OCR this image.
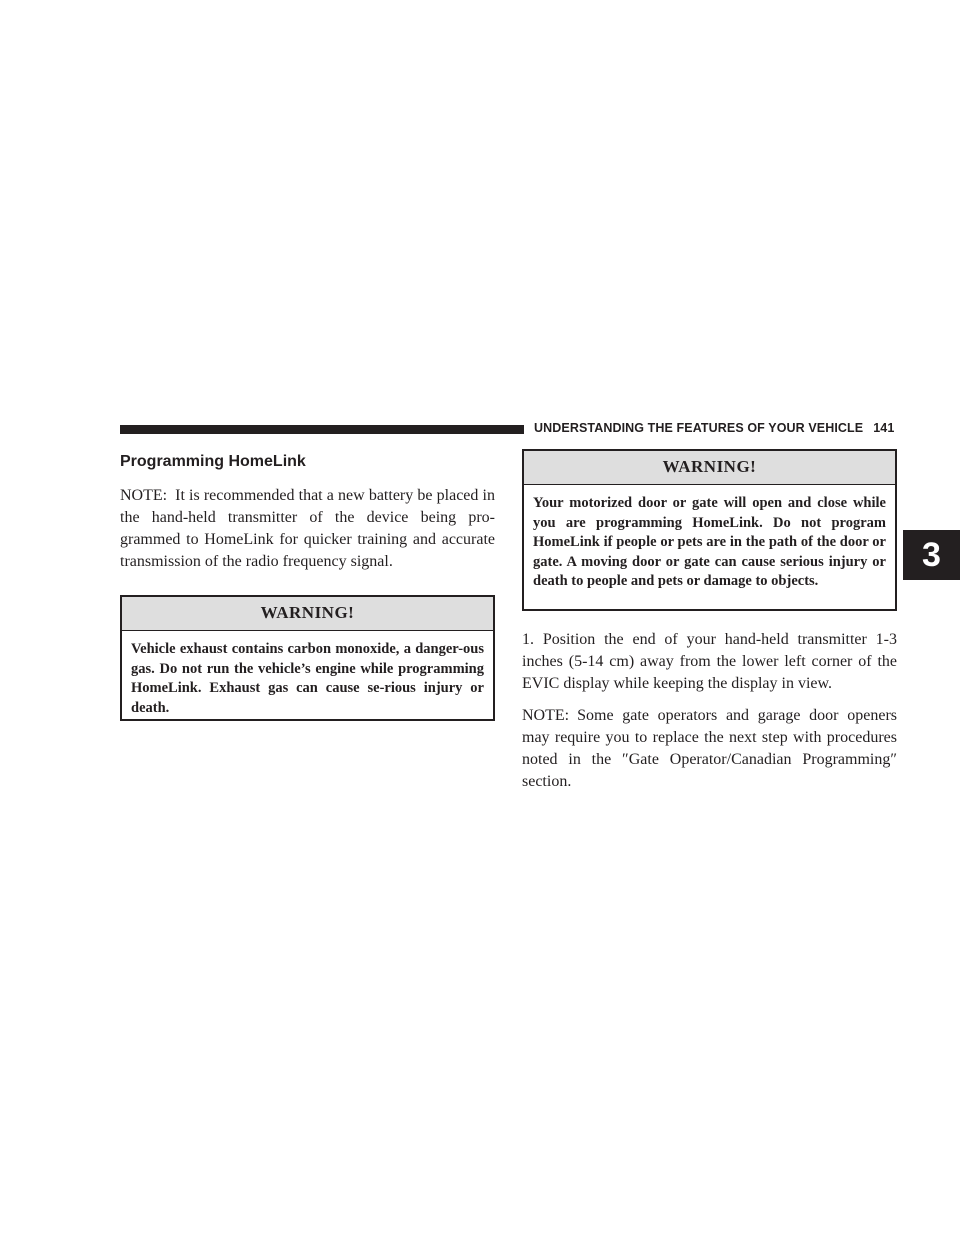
UNDERSTANDING THE FEATURES OF YOUR VEHICLE 141
3
Programming HomeLink

NOTE: It is recommended that a new battery be placed in the hand-held transmitter of the device being pro-grammed to HomeLink for quicker training and accurate transmission of the radio frequency signal.

WARNING!
Vehicle exhaust contains carbon monoxide, a danger-ous gas. Do not run the vehicle’s engine while programming HomeLink. Exhaust gas can cause se-rious injury or death.
WARNING!
Your motorized door or gate will open and close while you are programming HomeLink. Do not program HomeLink if people or pets are in the path of the door or gate. A moving door or gate can cause serious injury or death to people and pets or damage to objects.

1. Position the end of your hand-held transmitter 1-3 inches (5-14 cm) away from the lower left corner of the EVIC display while keeping the display in view.

NOTE: Some gate operators and garage door openers may require you to replace the next step with procedures noted in the ″Gate Operator/Canadian Programming″ section.
